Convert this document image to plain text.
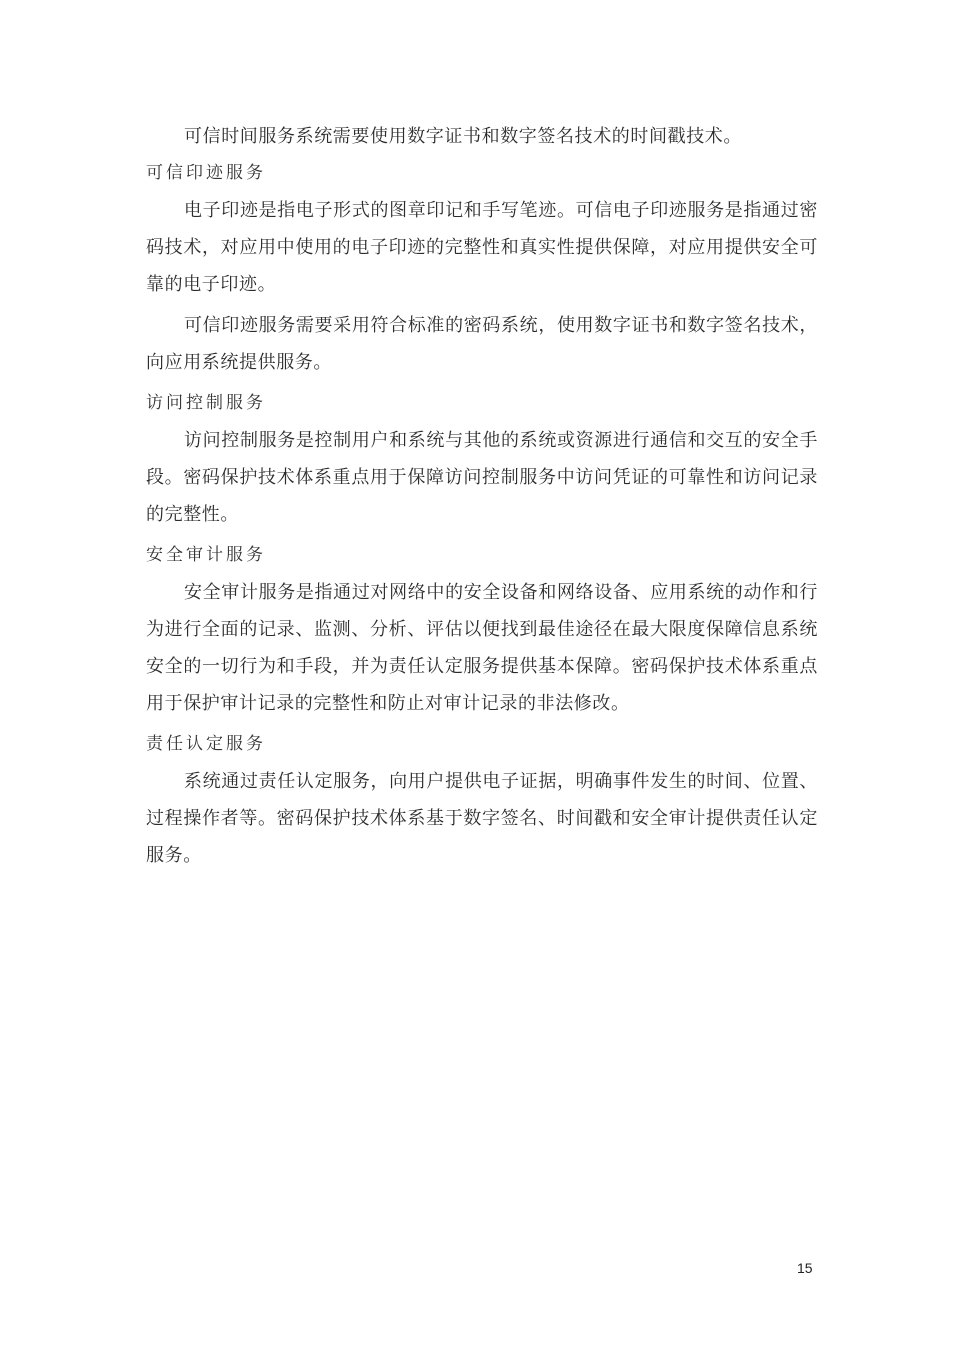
可信时间服务系统需要使用数字证书和数字签名技术的时间戳技术。

可信印迹服务

电子印迹是指电子形式的图章印记和手写笔迹。可信电子印迹服务是指通过密码技术，对应用中使用的电子印迹的完整性和真实性提供保障，对应用提供安全可靠的电子印迹。

可信印迹服务需要采用符合标准的密码系统，使用数字证书和数字签名技术，向应用系统提供服务。

访问控制服务

访问控制服务是控制用户和系统与其他的系统或资源进行通信和交互的安全手段。密码保护技术体系重点用于保障访问控制服务中访问凭证的可靠性和访问记录的完整性。

安全审计服务

安全审计服务是指通过对网络中的安全设备和网络设备、应用系统的动作和行为进行全面的记录、监测、分析、评估以便找到最佳途径在最大限度保障信息系统安全的一切行为和手段，并为责任认定服务提供基本保障。密码保护技术体系重点用于保护审计记录的完整性和防止对审计记录的非法修改。

责任认定服务

系统通过责任认定服务，向用户提供电子证据，明确事件发生的时间、位置、过程操作者等。密码保护技术体系基于数字签名、时间戳和安全审计提供责任认定服务。

15
